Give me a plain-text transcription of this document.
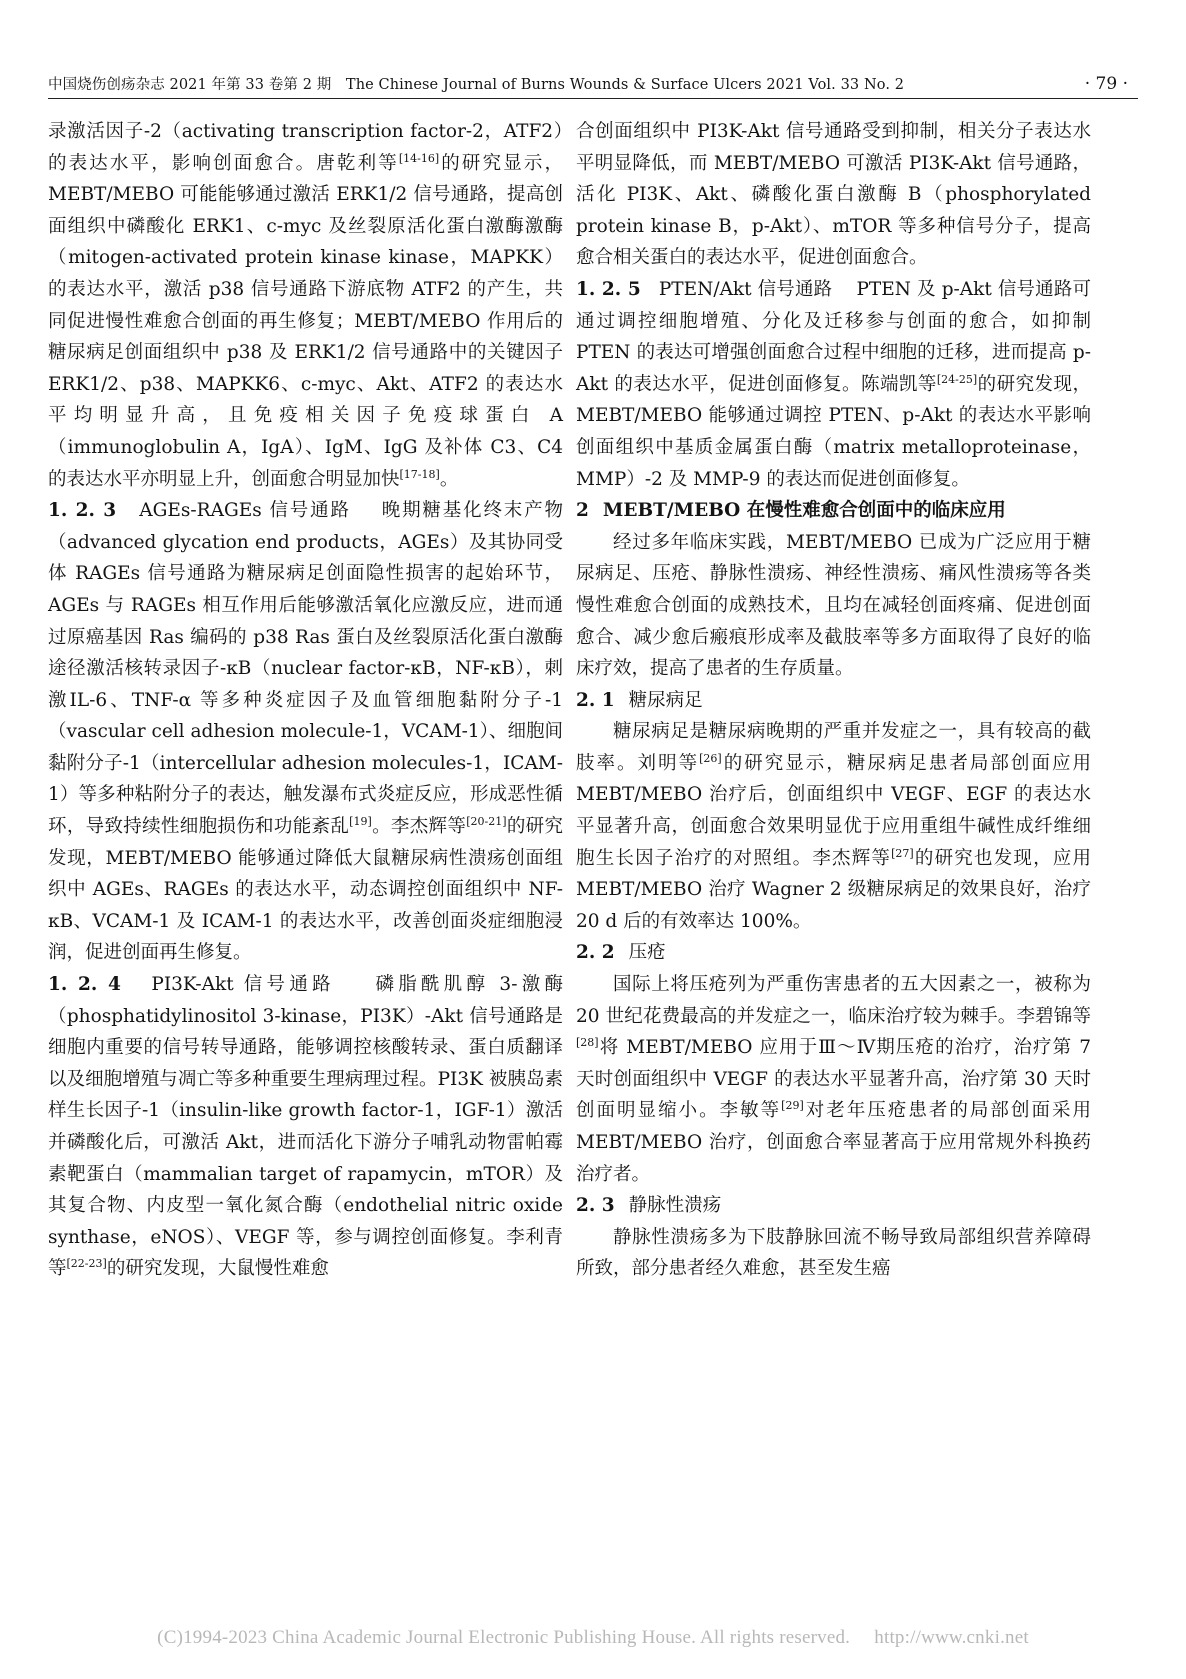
中国烧伤创疡杂志 2021 年第 33 卷第 2 期　The Chinese Journal of Burns Wounds & Surface Ulcers 2021 Vol. 33 No. 2	· 79 ·

录激活因子-2（activating transcription factor-2，ATF2）的表达水平，影响创面愈合。唐乾利等[14-16]的研究显示，MEBT/MEBO 可能能够通过激活 ERK1/2 信号通路，提高创面组织中磷酸化 ERK1、c-myc 及丝裂原活化蛋白激酶激酶（mitogen-activated protein kinase kinase，MAPKK）的表达水平，激活 p38 信号通路下游底物 ATF2 的产生，共同促进慢性难愈合创面的再生修复；MEBT/MEBO 作用后的糖尿病足创面组织中 p38 及 ERK1/2 信号通路中的关键因子 ERK1/2、p38、MAPKK6、c-myc、Akt、ATF2 的表达水平均明显升高，且免疫相关因子免疫球蛋白 A（immunoglobulin A，IgA）、IgM、IgG 及补体 C3、C4 的表达水平亦明显上升，创面愈合明显加快[17-18]。

1. 2. 3 AGEs-RAGEs 信号通路 晚期糖基化终末产物（advanced glycation end products，AGEs）及其协同受体 RAGEs 信号通路为糖尿病足创面隐性损害的起始环节，AGEs 与 RAGEs 相互作用后能够激活氧化应激反应，进而通过原癌基因 Ras 编码的 p38 Ras 蛋白及丝裂原活化蛋白激酶途径激活核转录因子-κB（nuclear factor-κB，NF-κB），刺激IL-6、TNF-α 等多种炎症因子及血管细胞黏附分子-1（vascular cell adhesion molecule-1，VCAM-1）、细胞间黏附分子-1（intercellular adhesion molecules-1，ICAM-1）等多种粘附分子的表达，触发瀑布式炎症反应，形成恶性循环，导致持续性细胞损伤和功能紊乱[19]。李杰辉等[20-21]的研究发现，MEBT/MEBO 能够通过降低大鼠糖尿病性溃疡创面组织中 AGEs、RAGEs 的表达水平，动态调控创面组织中 NF-κB、VCAM-1 及 ICAM-1 的表达水平，改善创面炎症细胞浸润，促进创面再生修复。

1. 2. 4 PI3K-Akt 信号通路 磷脂酰肌醇 3-激酶（phosphatidylinositol 3-kinase，PI3K）-Akt 信号通路是细胞内重要的信号转导通路，能够调控核酸转录、蛋白质翻译以及细胞增殖与凋亡等多种重要生理病理过程。PI3K 被胰岛素样生长因子-1（insulin-like growth factor-1，IGF-1）激活并磷酸化后，可激活 Akt，进而活化下游分子哺乳动物雷帕霉素靶蛋白（mammalian target of rapamycin，mTOR）及其复合物、内皮型一氧化氮合酶（endothelial nitric oxide synthase，eNOS）、VEGF 等，参与调控创面修复。李利青等[22-23]的研究发现，大鼠慢性难愈

合创面组织中 PI3K-Akt 信号通路受到抑制，相关分子表达水平明显降低，而 MEBT/MEBO 可激活 PI3K-Akt 信号通路，活化 PI3K、Akt、磷酸化蛋白激酶 B（phosphorylated protein kinase B，p-Akt）、mTOR 等多种信号分子，提高愈合相关蛋白的表达水平，促进创面愈合。

1. 2. 5 PTEN/Akt 信号通路 PTEN 及 p-Akt 信号通路可通过调控细胞增殖、分化及迁移参与创面的愈合，如抑制 PTEN 的表达可增强创面愈合过程中细胞的迁移，进而提高 p-Akt 的表达水平，促进创面修复。陈端凯等[24-25]的研究发现，MEBT/MEBO 能够通过调控 PTEN、p-Akt 的表达水平影响创面组织中基质金属蛋白酶（matrix metalloproteinase，MMP）-2 及 MMP-9 的表达而促进创面修复。

2 MEBT/MEBO 在慢性难愈合创面中的临床应用

经过多年临床实践，MEBT/MEBO 已成为广泛应用于糖尿病足、压疮、静脉性溃疡、神经性溃疡、痛风性溃疡等各类慢性难愈合创面的成熟技术，且均在减轻创面疼痛、促进创面愈合、减少愈后瘢痕形成率及截肢率等多方面取得了良好的临床疗效，提高了患者的生存质量。

2. 1 糖尿病足

糖尿病足是糖尿病晚期的严重并发症之一，具有较高的截肢率。刘明等[26]的研究显示，糖尿病足患者局部创面应用 MEBT/MEBO 治疗后，创面组织中 VEGF、EGF 的表达水平显著升高，创面愈合效果明显优于应用重组牛碱性成纤维细胞生长因子治疗的对照组。李杰辉等[27]的研究也发现，应用 MEBT/MEBO 治疗 Wagner 2 级糖尿病足的效果良好，治疗 20 d 后的有效率达 100%。

2. 2 压疮

国际上将压疮列为严重伤害患者的五大因素之一，被称为 20 世纪花费最高的并发症之一，临床治疗较为棘手。李碧锦等[28]将 MEBT/MEBO 应用于Ⅲ～Ⅳ期压疮的治疗，治疗第 7 天时创面组织中 VEGF 的表达水平显著升高，治疗第 30 天时创面明显缩小。李敏等[29]对老年压疮患者的局部创面采用 MEBT/MEBO 治疗，创面愈合率显著高于应用常规外科换药治疗者。

2. 3 静脉性溃疡

静脉性溃疡多为下肢静脉回流不畅导致局部组织营养障碍所致，部分患者经久难愈，甚至发生癌

(C)1994-2023 China Academic Journal Electronic Publishing House. All rights reserved.　 http://www.cnki.net
